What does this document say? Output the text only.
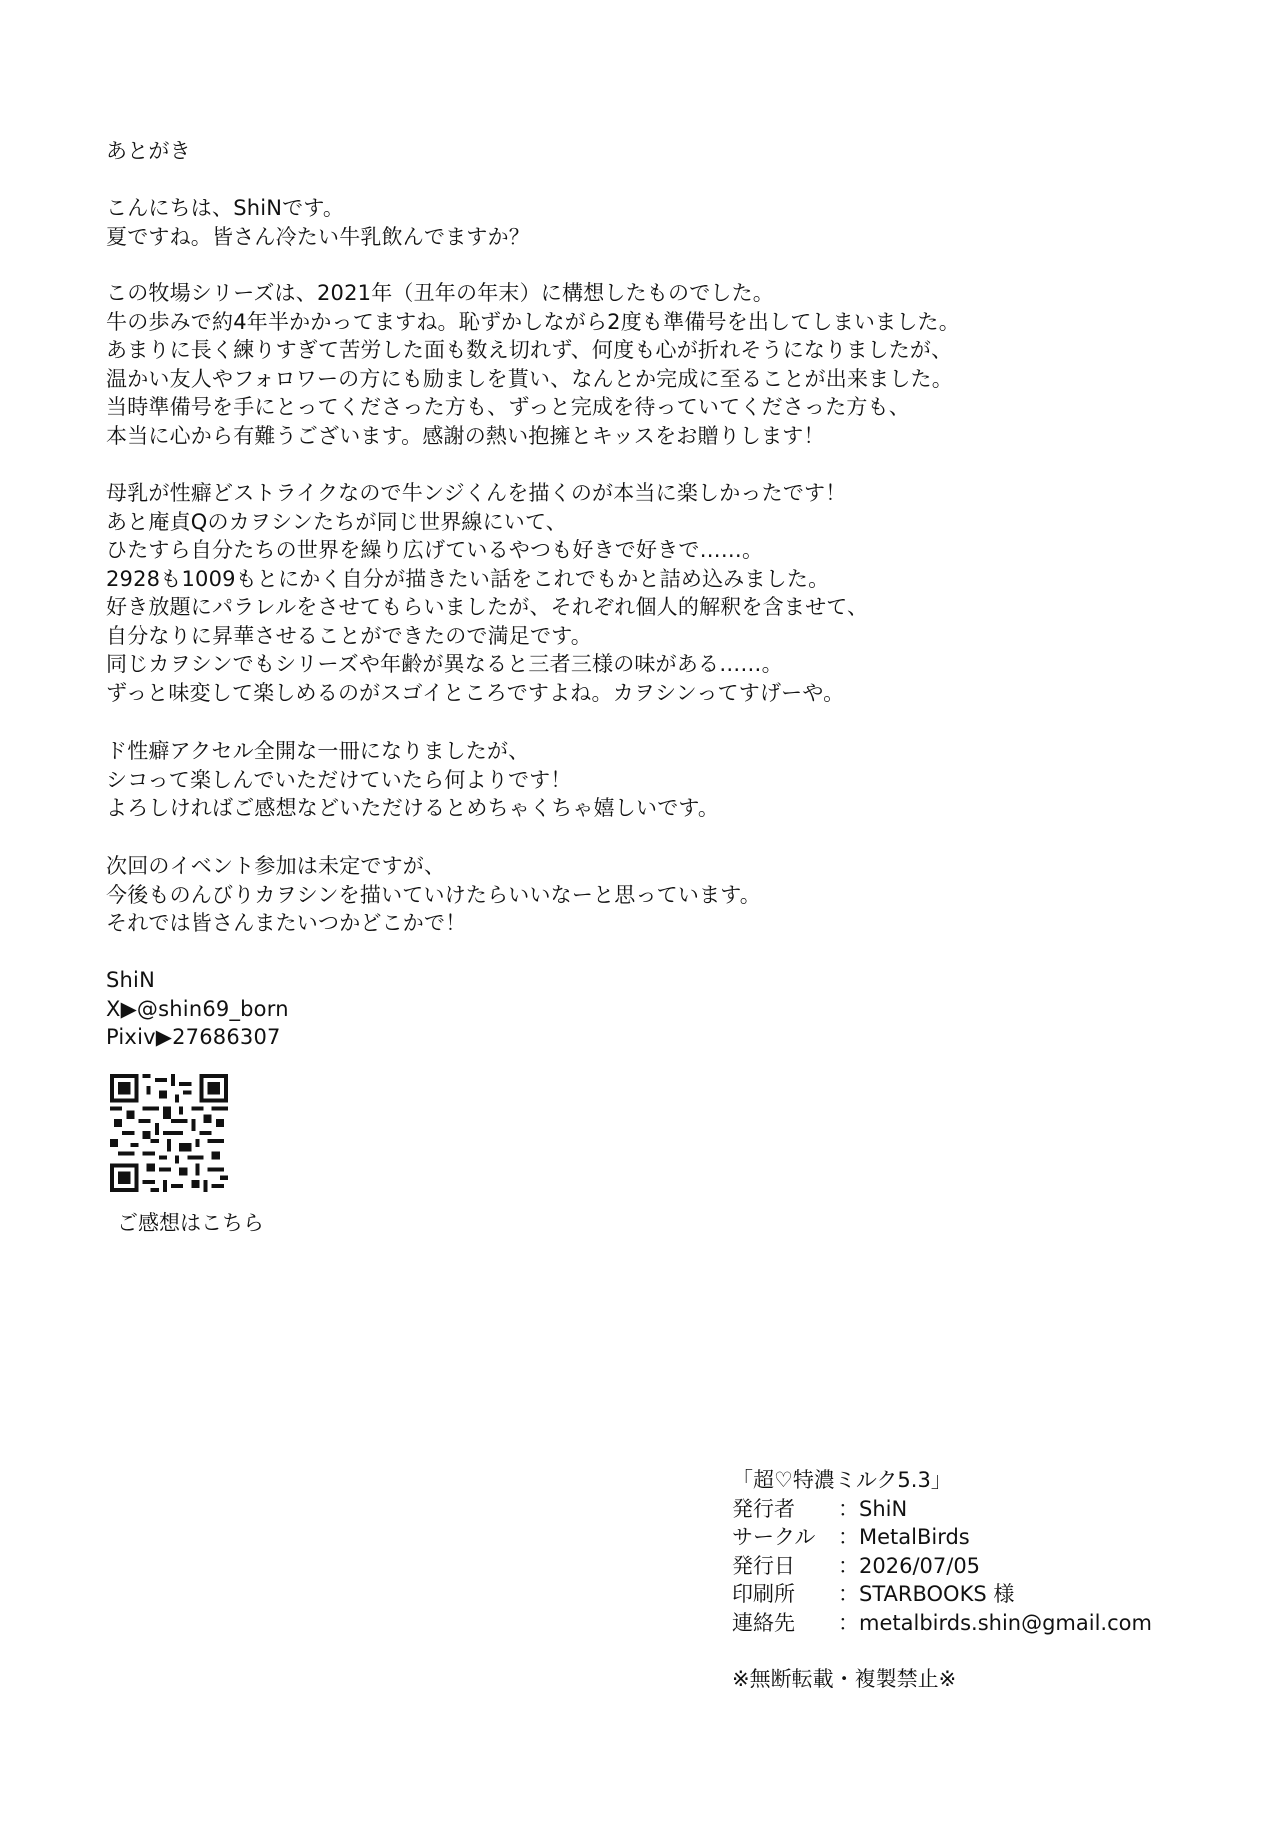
あとがき
こんにちは、ShiNです。
夏ですね。皆さん冷たい牛乳飲んでますか？
この牧場シリーズは、2021年（丑年の年末）に構想したものでした。
牛の歩みで約4年半かかってますね。恥ずかしながら2度も準備号を出してしまいました。
あまりに長く練りすぎて苦労した面も数え切れず、何度も心が折れそうになりましたが、
温かい友人やフォロワーの方にも励ましを貰い、なんとか完成に至ることが出来ました。
当時準備号を手にとってくださった方も、ずっと完成を待っていてくださった方も、
本当に心から有難うございます。感謝の熱い抱擁とキッスをお贈りします！
母乳が性癖どストライクなので牛ンジくんを描くのが本当に楽しかったです！
あと庵貞Qのカヲシンたちが同じ世界線にいて、
ひたすら自分たちの世界を繰り広げているやつも好きで好きで……。
2928も1009もとにかく自分が描きたい話をこれでもかと詰め込みました。
好き放題にパラレルをさせてもらいましたが、それぞれ個人的解釈を含ませて、
自分なりに昇華させることができたので満足です。
同じカヲシンでもシリーズや年齢が異なると三者三様の味がある……。
ずっと味変して楽しめるのがスゴイところですよね。カヲシンってすげーや。
ド性癖アクセル全開な一冊になりましたが、
シコって楽しんでいただけていたら何よりです！
よろしければご感想などいただけるとめちゃくちゃ嬉しいです。
次回のイベント参加は未定ですが、
今後ものんびりカヲシンを描いていけたらいいなーと思っています。
それでは皆さんまたいつかどこかで！
ShiN
X▶@shin69_born
Pixiv▶27686307
ご感想はこちら
「超♡特濃ミルク5.3」
発行者	：ShiN
サークル	：MetalBirds
発行日	：2026/07/05
印刷所	：STARBOOKS 様
連絡先	：metalbirds.shin@gmail.com
※無断転載・複製禁止※
